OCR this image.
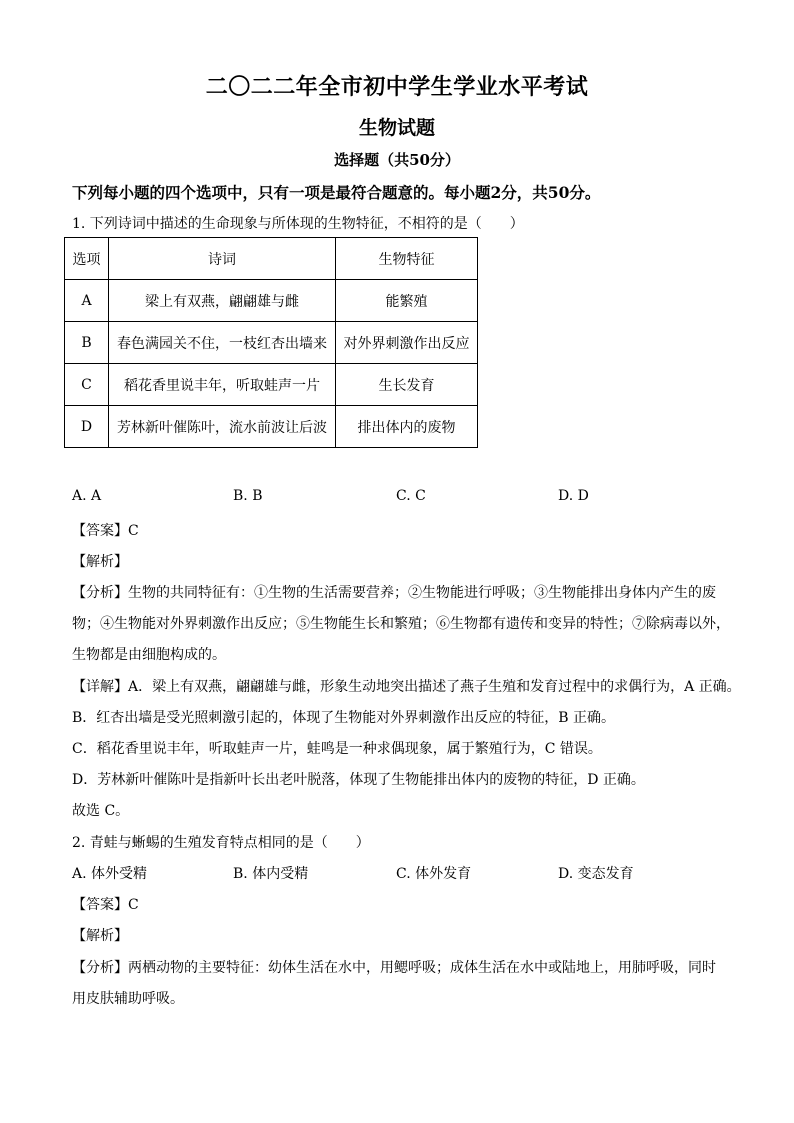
二〇二二年全市初中学生学业水平考试
生物试题
选择题（共50分）
下列每小题的四个选项中，只有一项是最符合题意的。每小题2分，共50分。
1. 下列诗词中描述的生命现象与所体现的生物特征，不相符的是（　　）
选项	诗词	生物特征
A	梁上有双燕，翩翩雄与雌	能繁殖
B	春色满园关不住，一枝红杏出墙来	对外界刺激作出反应
C	稻花香里说丰年，听取蛙声一片	生长发育
D	芳林新叶催陈叶，流水前波让后波	排出体内的废物
A. A	B. B	C. C	D. D
【答案】C
【解析】
【分析】生物的共同特征有：①生物的生活需要营养；②生物能进行呼吸；③生物能排出身体内产生的废
物；④生物能对外界刺激作出反应；⑤生物能生长和繁殖；⑥生物都有遗传和变异的特性；⑦除病毒以外，
生物都是由细胞构成的。
【详解】A．梁上有双燕，翩翩雄与雌，形象生动地突出描述了燕子生殖和发育过程中的求偶行为，A 正确。
B．红杏出墙是受光照刺激引起的，体现了生物能对外界刺激作出反应的特征，B 正确。
C．稻花香里说丰年，听取蛙声一片，蛙鸣是一种求偶现象，属于繁殖行为，C 错误。
D．芳林新叶催陈叶是指新叶长出老叶脱落，体现了生物能排出体内的废物的特征，D 正确。
故选 C。
2. 青蛙与蜥蜴的生殖发育特点相同的是（　　）
A. 体外受精	B. 体内受精	C. 体外发育	D. 变态发育
【答案】C
【解析】
【分析】两栖动物的主要特征：幼体生活在水中，用鳃呼吸；成体生活在水中或陆地上，用肺呼吸，同时
用皮肤辅助呼吸。
